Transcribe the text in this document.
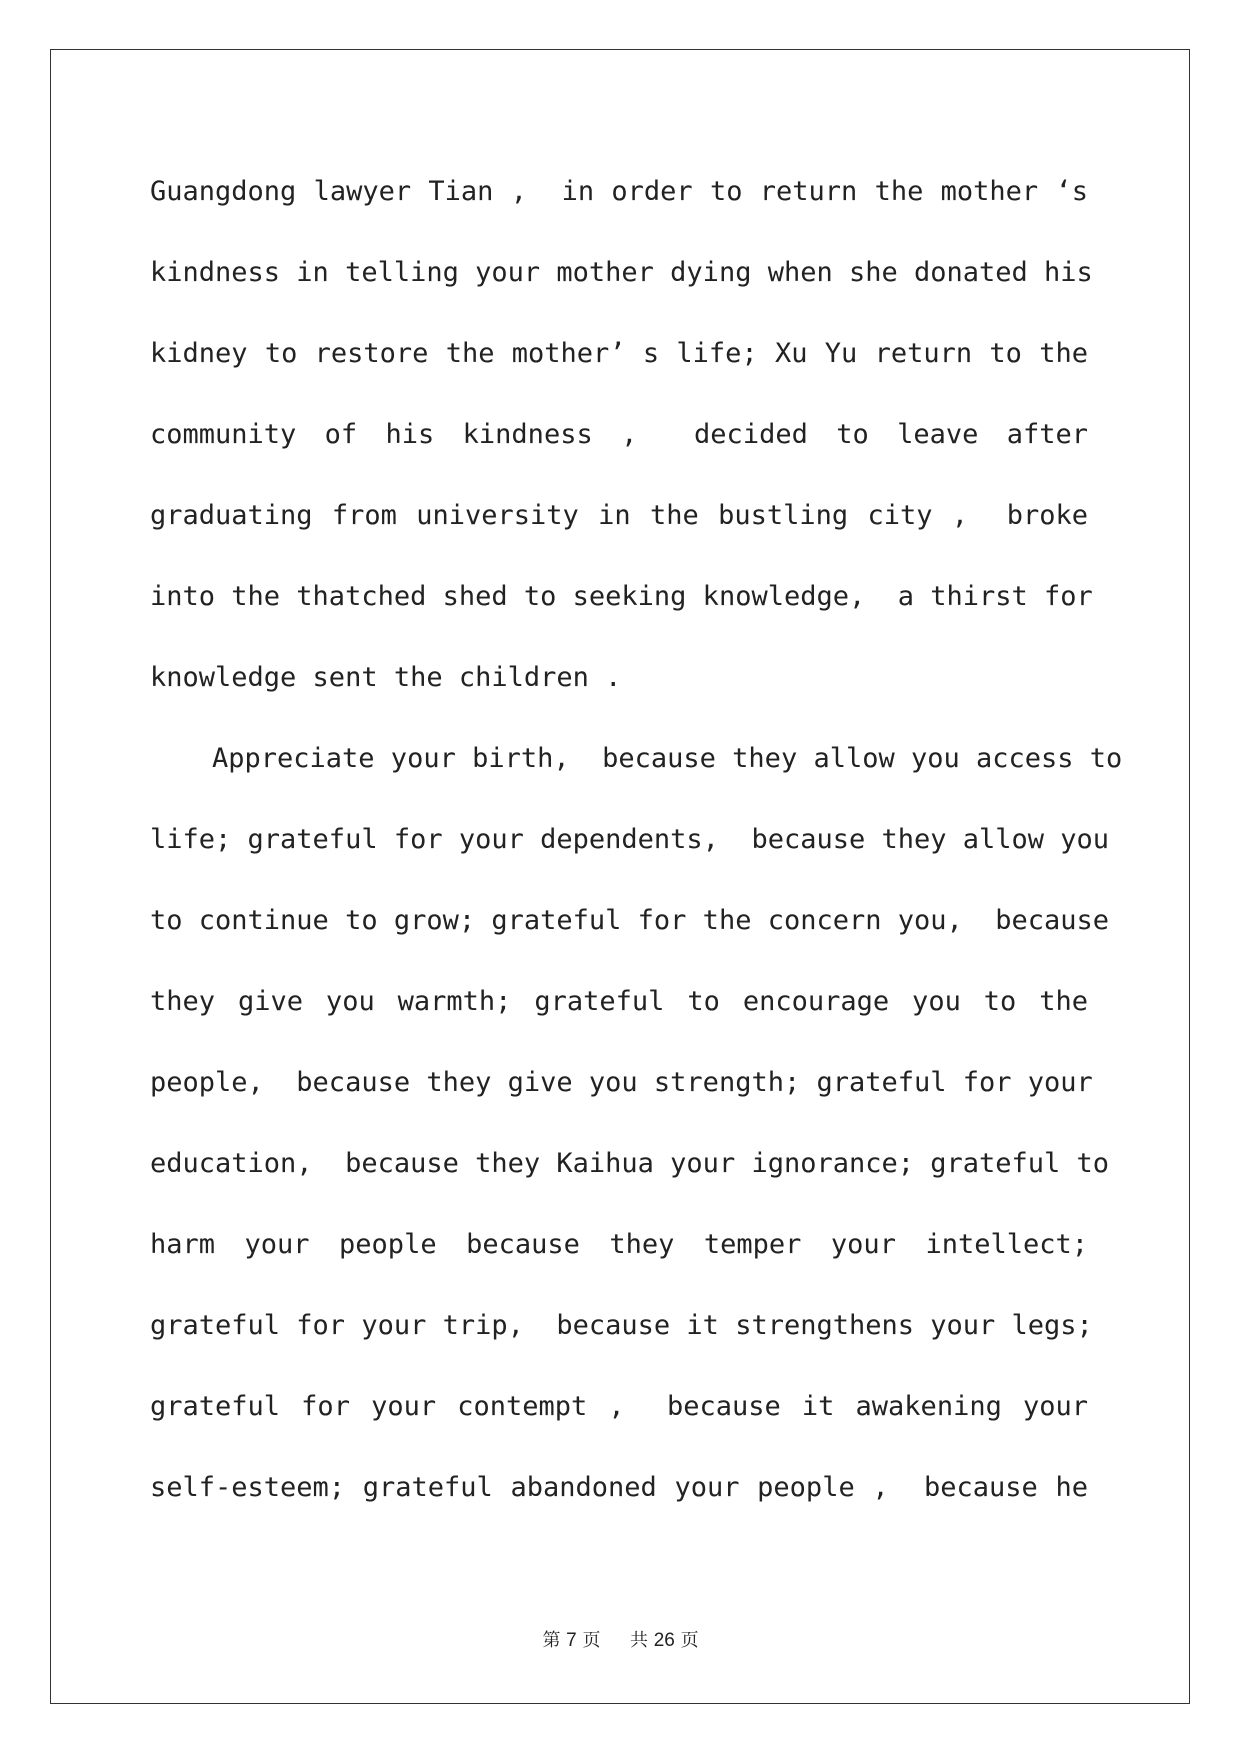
Guangdong lawyer Tian ,  in order to return the mother ‘s
kindness in telling your mother dying when she donated his
kidney to restore the mother’ s life; Xu Yu return to the
community of his kindness ,  decided to leave after
graduating from university in the bustling city ,  broke
into the thatched shed to seeking knowledge,  a thirst for
knowledge sent the children .
Appreciate your birth,  because they allow you access to
life; grateful for your dependents,  because they allow you
to continue to grow; grateful for the concern you,  because
they give you warmth; grateful to encourage you to the
people,  because they give you strength; grateful for your
education,  because they Kaihua your ignorance; grateful to
harm your people because they temper your intellect;
grateful for your trip,  because it strengthens your legs;
grateful for your contempt ,  because it awakening your
self-esteem; grateful abandoned your people ,  because he
第 7 页 共 26 页
